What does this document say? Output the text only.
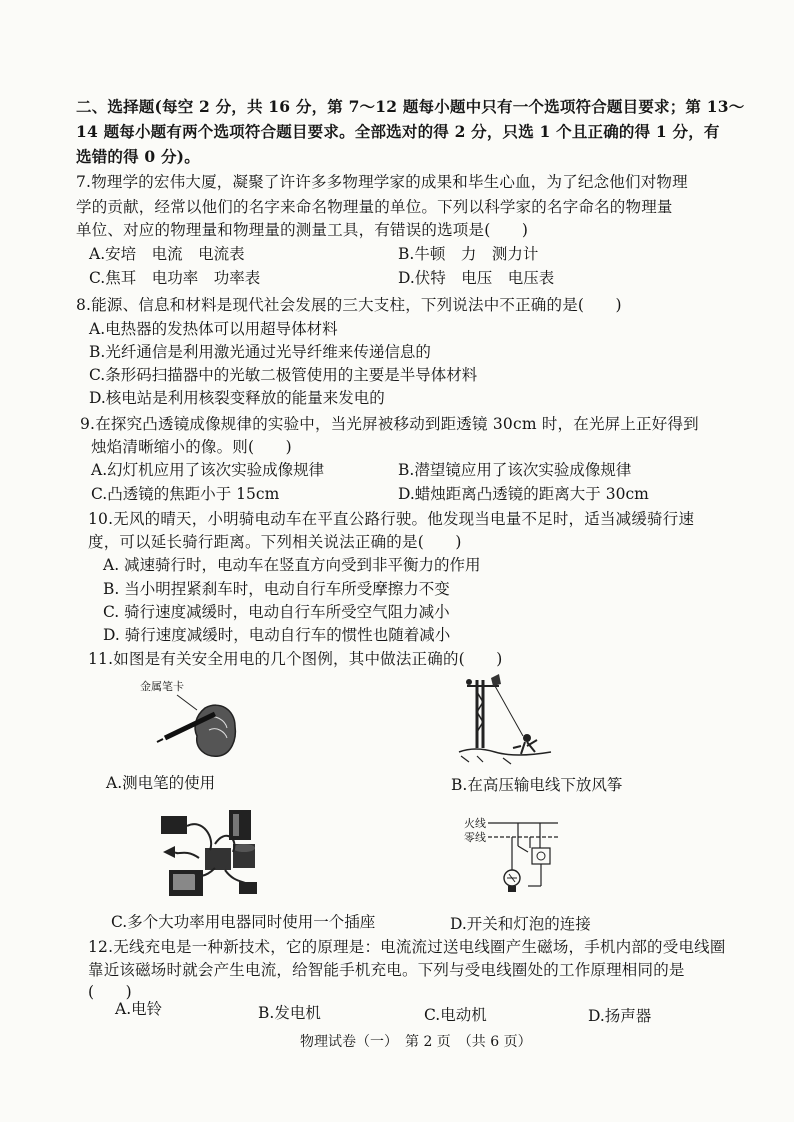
二、选择题(每空 2 分，共 16 分，第 7～12 题每小题中只有一个选项符合题目要求；第 13～
14 题每小题有两个选项符合题目要求。全部选对的得 2 分，只选 1 个且正确的得 1 分，有
选错的得 0 分)。
7.物理学的宏伟大厦，凝聚了许许多多物理学家的成果和毕生心血，为了纪念他们对物理
学的贡献，经常以他们的名字来命名物理量的单位。下列以科学家的名字命名的物理量
单位、对应的物理量和物理量的测量工具，有错误的选项是(　　)
A.安培　电流　电流表	B.牛顿　力　测力计
C.焦耳　电功率　功率表	D.伏特　电压　电压表
8.能源、信息和材料是现代社会发展的三大支柱，下列说法中不正确的是(　　)
A.电热器的发热体可以用超导体材料
B.光纤通信是利用激光通过光导纤维来传递信息的
C.条形码扫描器中的光敏二极管使用的主要是半导体材料
D.核电站是利用核裂变释放的能量来发电的
9.在探究凸透镜成像规律的实验中，当光屏被移动到距透镜 30cm 时，在光屏上正好得到
烛焰清晰缩小的像。则(　　)
A.幻灯机应用了该次实验成像规律	B.潜望镜应用了该次实验成像规律
C.凸透镜的焦距小于 15cm	D.蜡烛距离凸透镜的距离大于 30cm
10.无风的晴天，小明骑电动车在平直公路行驶。他发现当电量不足时，适当减缓骑行速
度，可以延长骑行距离。下列相关说法正确的是(　　)
A. 减速骑行时，电动车在竖直方向受到非平衡力的作用
B. 当小明捏紧刹车时，电动自行车所受摩擦力不变
C. 骑行速度减缓时，电动自行车所受空气阻力减小
D. 骑行速度减缓时，电动自行车的惯性也随着减小
11.如图是有关安全用电的几个图例，其中做法正确的(　　)
金属笔卡
A.测电笔的使用	B.在高压输电线下放风筝
火线
零线
C.多个大功率用电器同时使用一个插座	D.开关和灯泡的连接
12.无线充电是一种新技术，它的原理是：电流流过送电线圈产生磁场，手机内部的受电线圈
靠近该磁场时就会产生电流，给智能手机充电。下列与受电线圈处的工作原理相同的是
(　　)
A.电铃	B.发电机	C.电动机	D.扬声器
物理试卷（一）　第 2 页　（共 6 页）
